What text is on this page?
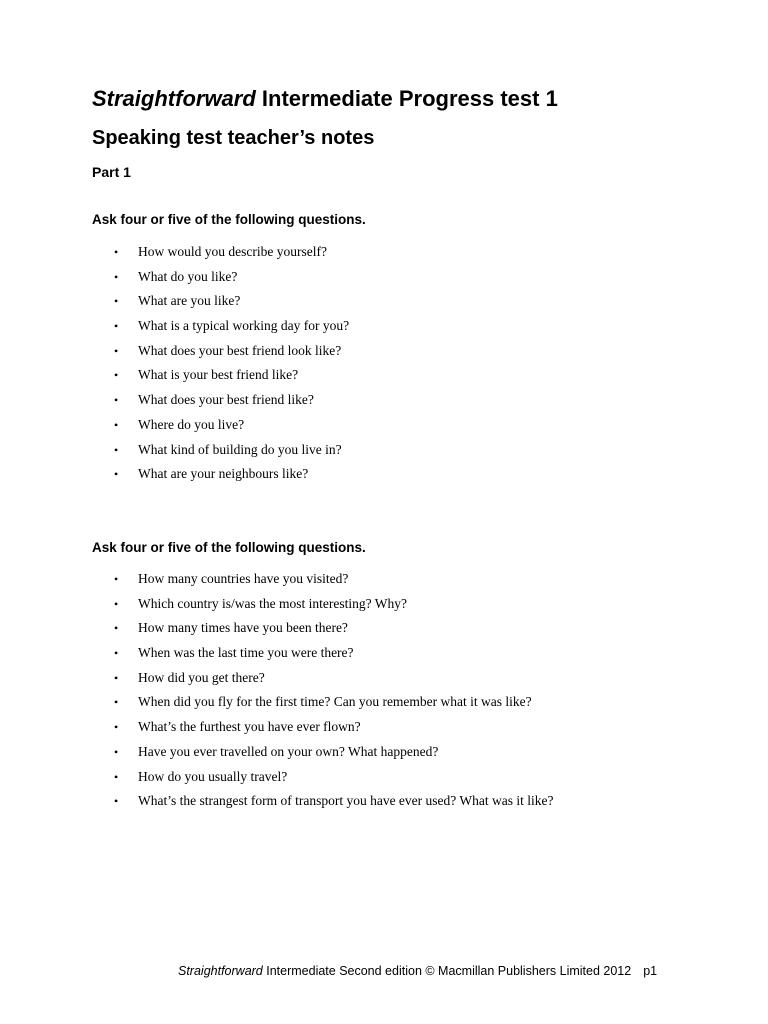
Straightforward Intermediate Progress test 1
Speaking test teacher’s notes
Part 1

Ask four or five of the following questions.

• How would you describe yourself?
• What do you like?
• What are you like?
• What is a typical working day for you?
• What does your best friend look like?
• What is your best friend like?
• What does your best friend like?
• Where do you live?
• What kind of building do you live in?
• What are your neighbours like?

Ask four or five of the following questions.

• How many countries have you visited?
• Which country is/was the most interesting? Why?
• How many times have you been there?
• When was the last time you were there?
• How did you get there?
• When did you fly for the first time? Can you remember what it was like?
• What’s the furthest you have ever flown?
• Have you ever travelled on your own? What happened?
• How do you usually travel?
• What’s the strangest form of transport you have ever used? What was it like?

Straightforward Intermediate Second edition © Macmillan Publishers Limited 2012 p1
